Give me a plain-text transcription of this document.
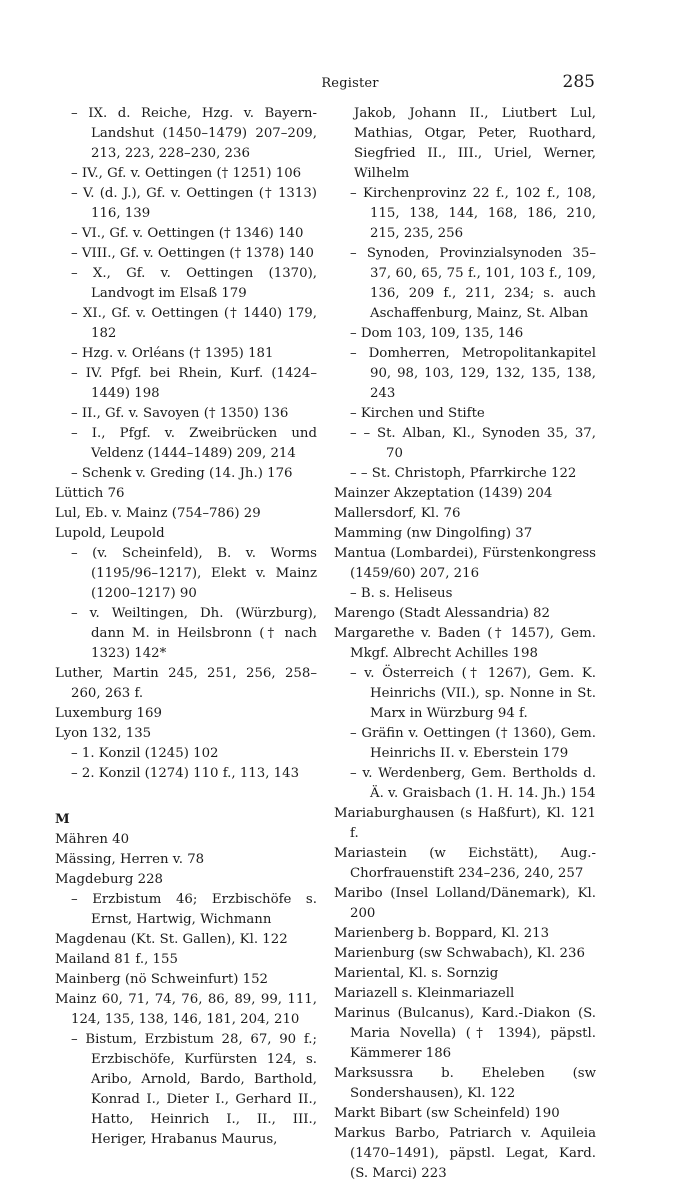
Register	285

– IX. d. Reiche, Hzg. v. Bayern-Landshut (1450–1479) 207–209, 213, 223, 228–230, 236

– IV., Gf. v. Oettingen († 1251) 106

– V. (d. J.), Gf. v. Oettingen († 1313) 116, 139

– VI., Gf. v. Oettingen († 1346) 140

– VIII., Gf. v. Oettingen († 1378) 140

– X., Gf. v. Oettingen (1370), Landvogt im Elsaß 179

– XI., Gf. v. Oettingen († 1440) 179, 182

– Hzg. v. Orléans († 1395) 181

– IV. Pfgf. bei Rhein, Kurf. (1424–1449) 198

– II., Gf. v. Savoyen († 1350) 136

– I., Pfgf. v. Zweibrücken und Veldenz (1444–1489) 209, 214

– Schenk v. Greding (14. Jh.) 176

Lüttich 76

Lul, Eb. v. Mainz (754–786) 29

Lupold, Leupold

– (v. Scheinfeld), B. v. Worms (1195/96–1217), Elekt v. Mainz (1200–1217) 90

– v. Weiltingen, Dh. (Würzburg), dann M. in Heilsbronn († nach 1323) 142*

Luther, Martin 245, 251, 256, 258–260, 263 f.

Luxemburg 169

Lyon 132, 135

– 1. Konzil (1245) 102

– 2. Konzil (1274) 110 f., 113, 143

M

Mähren 40

Mässing, Herren v. 78

Magdeburg 228

– Erzbistum 46; Erzbischöfe s. Ernst, Hartwig, Wichmann

Magdenau (Kt. St. Gallen), Kl. 122

Mailand 81 f., 155

Mainberg (nö Schweinfurt) 152

Mainz 60, 71, 74, 76, 86, 89, 99, 111, 124, 135, 138, 146, 181, 204, 210

– Bistum, Erzbistum 28, 67, 90 f.; Erzbischöfe, Kurfürsten 124, s. Aribo, Arnold, Bardo, Barthold, Konrad I., Dieter I., Gerhard II., Hatto, Heinrich I., II., III., Heriger, Hrabanus Maurus,

Jakob, Johann II., Liutbert Lul, Mathias, Otgar, Peter, Ruothard, Siegfried II., III., Uriel, Werner, Wilhelm

– Kirchenprovinz 22 f., 102 f., 108, 115, 138, 144, 168, 186, 210, 215, 235, 256

– Synoden, Provinzialsynoden 35–37, 60, 65, 75 f., 101, 103 f., 109, 136, 209 f., 211, 234; s. auch Aschaffenburg, Mainz, St. Alban

– Dom 103, 109, 135, 146

– Domherren, Metropolitankapitel 90, 98, 103, 129, 132, 135, 138, 243

– Kirchen und Stifte

– – St. Alban, Kl., Synoden 35, 37, 70

– – St. Christoph, Pfarrkirche 122

Mainzer Akzeptation (1439) 204

Mallersdorf, Kl. 76

Mamming (nw Dingolfing) 37

Mantua (Lombardei), Fürstenkongress (1459/60) 207, 216

– B. s. Heliseus

Marengo (Stadt Alessandria) 82

Margarethe v. Baden († 1457), Gem. Mkgf. Albrecht Achilles 198

– v. Österreich († 1267), Gem. K. Heinrichs (VII.), sp. Nonne in St. Marx in Würzburg 94 f.

– Gräfin v. Oettingen († 1360), Gem. Heinrichs II. v. Eberstein 179

– v. Werdenberg, Gem. Bertholds d. Ä. v. Graisbach (1. H. 14. Jh.) 154

Mariaburghausen (s Haßfurt), Kl. 121 f.

Mariastein (w Eichstätt), Aug.-Chorfrauenstift 234–236, 240, 257

Maribo (Insel Lolland/Dänemark), Kl. 200

Marienberg b. Boppard, Kl. 213

Marienburg (sw Schwabach), Kl. 236

Mariental, Kl. s. Sornzig

Mariazell s. Kleinmariazell

Marinus (Bulcanus), Kard.-Diakon (S. Maria Novella) († 1394), päpstl. Kämmerer 186

Marksussra b. Eheleben (sw Sondershausen), Kl. 122

Markt Bibart (sw Scheinfeld) 190

Markus Barbo, Patriarch v. Aquileia (1470–1491), päpstl. Legat, Kard. (S. Marci) 223
